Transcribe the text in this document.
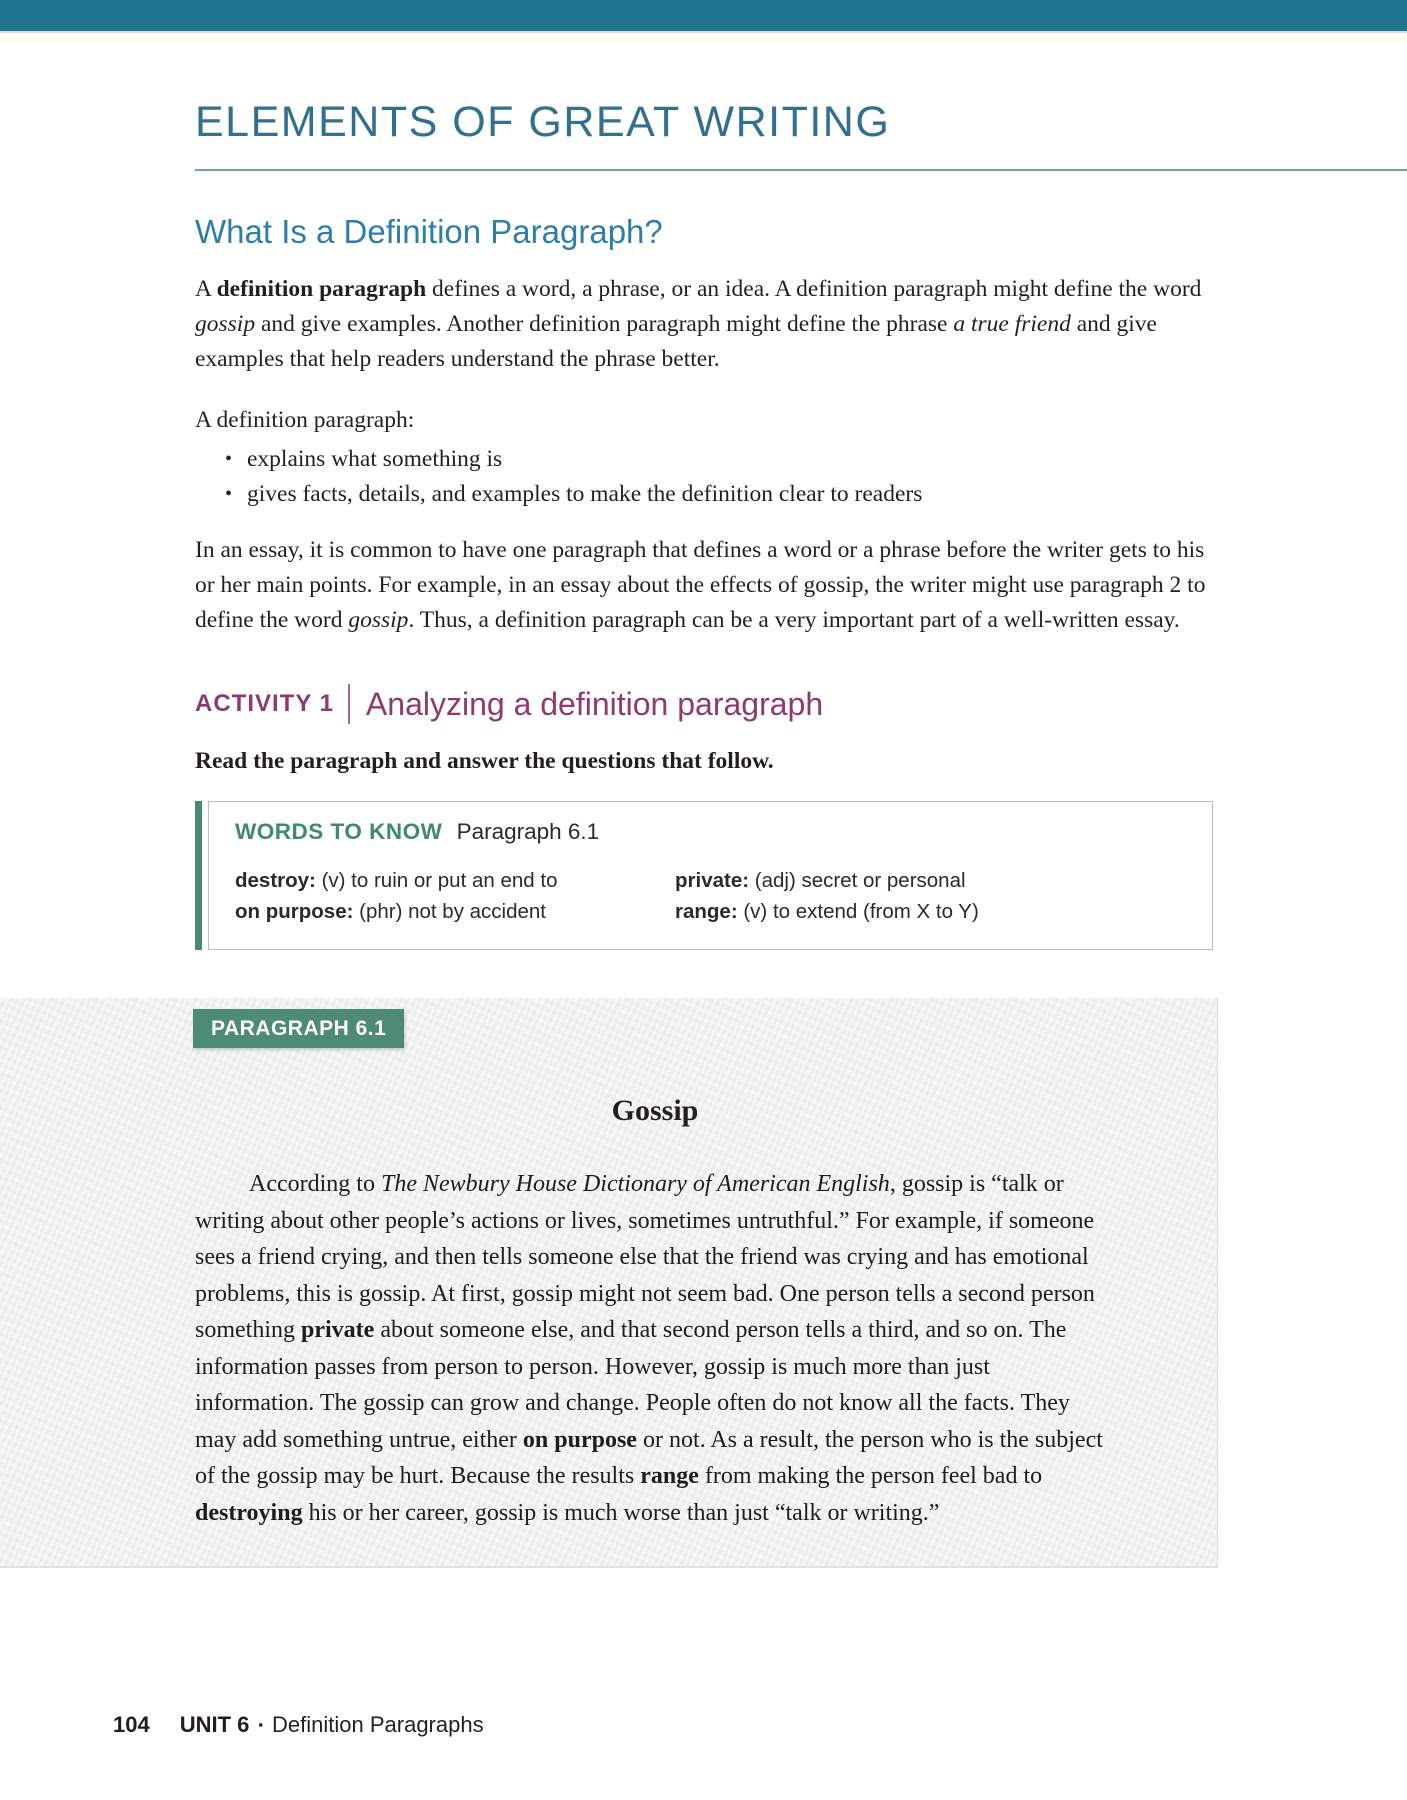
ELEMENTS OF GREAT WRITING
What Is a Definition Paragraph?

A definition paragraph defines a word, a phrase, or an idea. A definition paragraph might define the word gossip and give examples. Another definition paragraph might define the phrase a true friend and give examples that help readers understand the phrase better.

A definition paragraph:

• explains what something is
• gives facts, details, and examples to make the definition clear to readers

In an essay, it is common to have one paragraph that defines a word or a phrase before the writer gets to his or her main points. For example, in an essay about the effects of gossip, the writer might use paragraph 2 to define the word gossip. Thus, a definition paragraph can be a very important part of a well-written essay.

ACTIVITY 1 Analyzing a definition paragraph

Read the paragraph and answer the questions that follow.

WORDS TO KNOW Paragraph 6.1
destroy: (v) to ruin or put an end to
on purpose: (phr) not by accident
private: (adj) secret or personal
range: (v) to extend (from X to Y)
PARAGRAPH 6.1
Gossip

According to The Newbury House Dictionary of American English, gossip is “talk or writing about other people’s actions or lives, sometimes untruthful.” For example, if someone sees a friend crying, and then tells someone else that the friend was crying and has emotional problems, this is gossip. At first, gossip might not seem bad. One person tells a second person something private about someone else, and that second person tells a third, and so on. The information passes from person to person. However, gossip is much more than just information. The gossip can grow and change. People often do not know all the facts. They may add something untrue, either on purpose or not. As a result, the person who is the subject of the gossip may be hurt. Because the results range from making the person feel bad to destroying his or her career, gossip is much worse than just “talk or writing.”

104 UNIT 6 ▪ Definition Paragraphs
